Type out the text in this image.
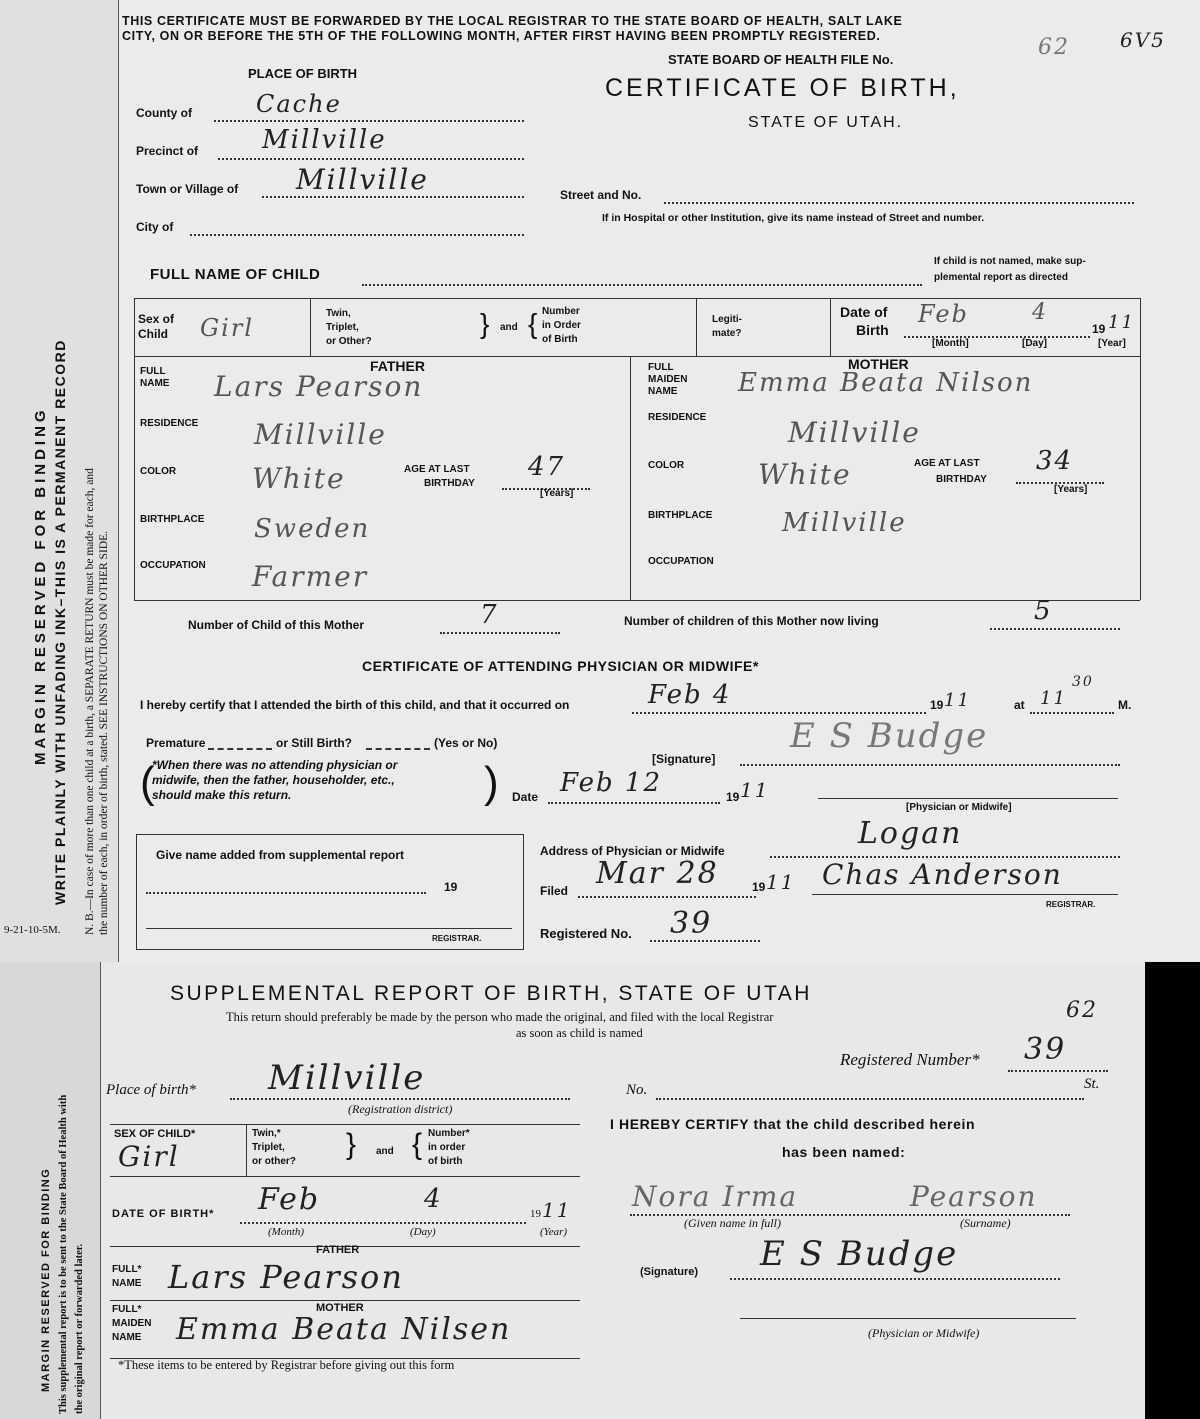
MARGIN RESERVED FOR BINDING WRITE PLAINLY WITH UNFADING INK–THIS IS A PERMANENT RECORD N. B.—In case of more than one child at a birth, a SEPARATE RETURN must be made for each, and the number of each, in order of birth, stated. SEE INSTRUCTIONS ON OTHER SIDE.
9-21-10-5M.
THIS CERTIFICATE MUST BE FORWARDED BY THE LOCAL REGISTRAR TO THE STATE BOARD OF HEALTH, SALT LAKE
CITY, ON OR BEFORE THE 5TH OF THE FOLLOWING MONTH, AFTER FIRST HAVING BEEN PROMPTLY REGISTERED.
STATE BOARD OF HEALTH FILE No.	62	6V5
CERTIFICATE OF BIRTH,
STATE OF UTAH.
PLACE OF BIRTH
County of	Cache
Precinct of Millville
Town or Village of Millville
City of
Street and No.
If in Hospital or other Institution, give its name instead of Street and number.
FULL NAME OF CHILD
If child is not named, make sup-
plemental report as directed
Sex of Child	Girl
Twin,
Triplet,
or Other?
} and { Number
in Order
of Birth
Legiti-
mate?
Date of
Birth
Feb	4
19 11
[Month]	[Day]	[Year]
FATHER
FULL
NAME Lars Pearson
RESIDENCE Millville
COLOR	White	AGE AT LAST
BIRTHDAY
47
[Years]
BIRTHPLACE Sweden
OCCUPATION Farmer
MOTHER
FULL
MAIDEN
NAME Emma Beata Nilson
RESIDENCE	Millville
COLOR	White	AGE AT LAST
BIRTHDAY
34
[Years]
BIRTHPLACE	Millville
OCCUPATION
Number of Child of this Mother	7	Number of children of this Mother now living	5
CERTIFICATE OF ATTENDING PHYSICIAN OR MIDWIFE*
I hereby certify that I attended the birth of this child, and that it occurred on	Feb 4	19 11	at 11
30
M.
Premature	or Still Birth?	(Yes or No)
(
*When there was no attending physician or
midwife, then the father, householder, etc.,
should make this return.	)	[Signature]
E S Budge
Date Feb 12	19 11
[Physician or Midwife]
Give name added from supplemental report
19
REGISTRAR.
Address of Physician or Midwife	Logan
Filed Mar 28	19 11 Chas Anderson
REGISTRAR.
Registered No. 39
MARGIN RESERVED FOR BINDING This supplemental report is to be sent to the State Board of Health with the original report or forwarded later.
SUPPLEMENTAL REPORT OF BIRTH, STATE OF UTAH
This return should preferably be made by the person who made the original, and filed with the local Registrar
as soon as child is named
62
Registered Number* 39
Place of birth* Millville
(Registration district)
No.	St.
I HEREBY CERTIFY that the child described herein
has been named:
SEX OF CHILD*
Girl
Twin,*
Triplet,
or other?
} and { Number*
in order
of birth
DATE OF BIRTH* Feb	4	19 11
(Month)	(Day)	(Year)
Nora Irma	Pearson
(Given name in full)	(Surname)
(Signature) E S Budge
(Physician or Midwife)
FATHER
FULL*
NAME Lars Pearson
MOTHER
FULL*
MAIDEN
NAME Emma Beata Nilsen
*These items to be entered by Registrar before giving out this form
